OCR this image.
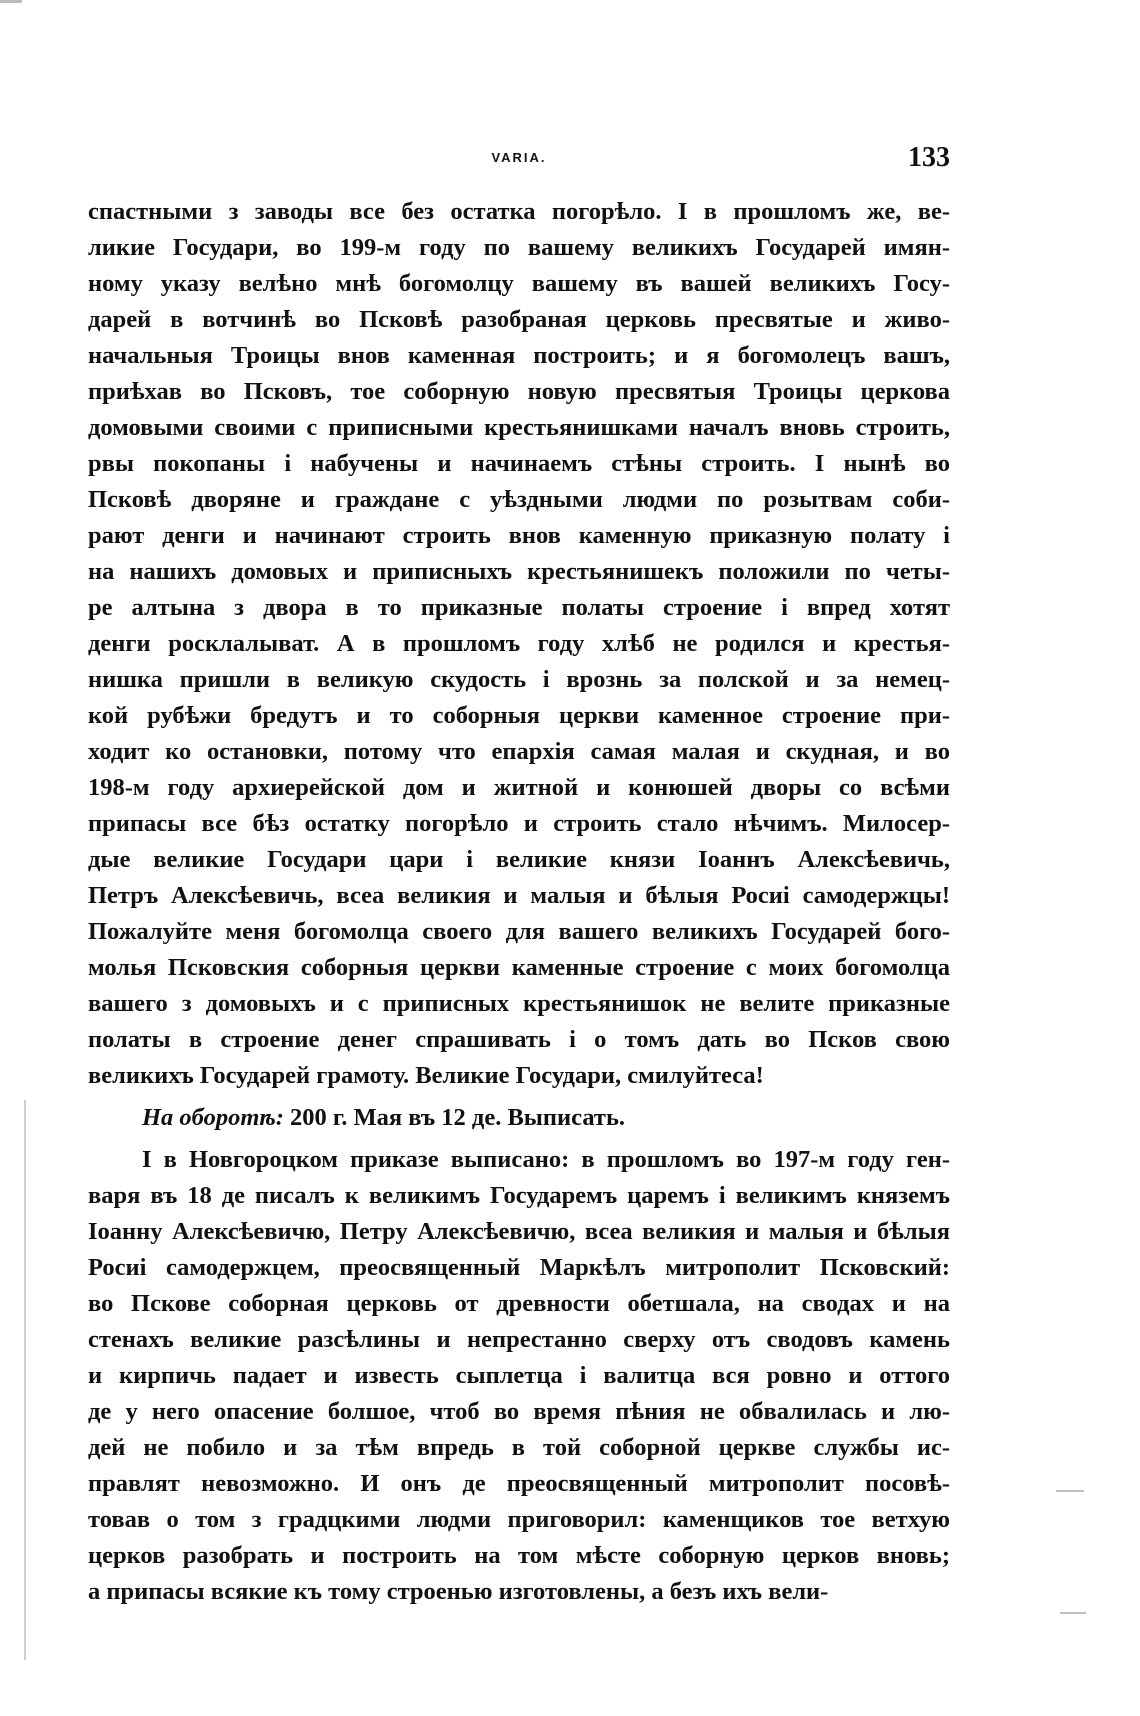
VARIA.	133
спастными з заводы все без остатка погорѣло. I в прошломъ же, ве-
ликие Государи, во 199-м году по вашему великихъ Государей имян-
ному указу велѣно мнѣ богомолцу вашему въ вашей великихъ Госу-
дарей в вотчинѣ во Псковѣ разобраная церковь пресвятые и живо-
начальныя Троицы внов каменная построить; и я богомолецъ вашъ,
приѣхав во Псковъ, тое соборную новую пресвятыя Троицы церкова
домовыми своими с приписными крестьянишками началъ вновь строить,
рвы покопаны і набучены и начинаемъ стѣны строить. I нынѣ во
Псковѣ дворяне и граждане с уѣздными людми по розытвам соби-
рают денги и начинают строить внов каменную приказную полату і
на нашихъ домовых и приписныхъ крестьянишекъ положили по четы-
ре алтына з двора в то приказные полаты строение і впред хотят
денги росклалыват. А в прошломъ году хлѣб не родился и крестья-
нишка пришли в великую скудость і врознь за полской и за немец-
кой рубѣжи бредутъ и то соборныя церкви каменное строение при-
ходит ко остановки, потому что епархія самая малая и скудная, и во
198-м году архиерейской дом и житной и конюшей дворы со всѣми
припасы все бѣз остатку погорѣло и строить стало нѣчимъ. Милосер-
дые великие Государи цари і великие князи Іоаннъ Алексѣевичь,
Петръ Алексѣевичь, всеа великия и малыя и бѣлыя Росиі самодержцы!
Пожалуйте меня богомолца своего для вашего великихъ Государей бого-
молья Псковския соборныя церкви каменные строение с моих богомолца
вашего з домовыхъ и с приписных крестьянишок не велите приказные
полаты в строение денег спрашивать і о томъ дать во Псков свою
великихъ Государей грамоту. Великие Государи, смилуйтеса!
На оборотѣ: 200 г. Мая въ 12 де. Выписать.
I в Новгороцком приказе выписано: в прошломъ во 197-м году ген-
варя въ 18 де писалъ к великимъ Государемъ царемъ і великимъ княземъ
Іоанну Алексѣевичю, Петру Алексѣевичю, всеа великия и малыя и бѣлыя
Росиі самодержцем, преосвященный Маркѣлъ митрополит Псковский:
во Пскове соборная церковь от древности обетшала, на сводах и на
стенахъ великие разсѣлины и непрестанно сверху отъ сводовъ камень
и кирпичь падает и известь сыплетца і валитца вся ровно и оттого
де у него опасение болшое, чтоб во время пѣния не обвалилась и лю-
дей не побило и за тѣм впредь в той соборной церкве службы ис-
правлят невозможно. И онъ де преосвященный митрополит посовѣ-
товав о том з градцкими людми приговорил: каменщиков тое ветхую
церков разобрать и построить на том мѣсте соборную церков вновь;
а припасы всякие къ тому строенью изготовлены, а безъ ихъ вели-
